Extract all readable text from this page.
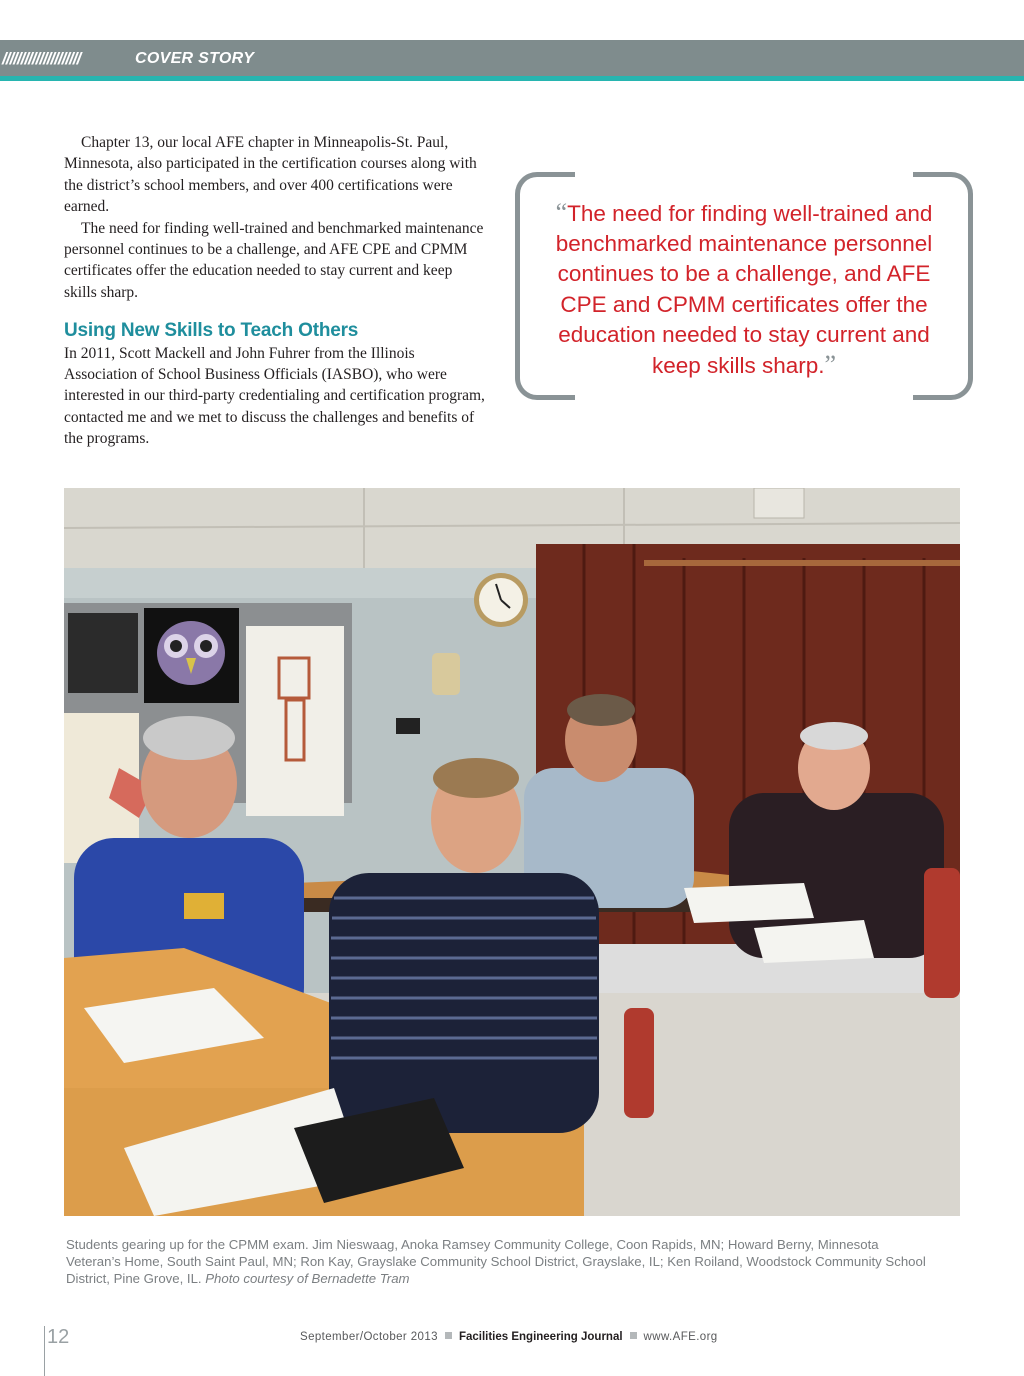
/////////////////////	COVER STORY

Chapter 13, our local AFE chapter in Minneapolis-St. Paul, Minnesota, also participated in the certification courses along with the district’s school members, and over 400 certifications were earned.

The need for finding well-trained and benchmarked maintenance personnel continues to be a challenge, and AFE CPE and CPMM certificates offer the education needed to stay current and keep skills sharp.

Using New Skills to Teach Others

In 2011, Scott Mackell and John Fuhrer from the Illinois Association of School Business Officials (IASBO), who were interested in our third-party credentialing and certification program, contacted me and we met to discuss the challenges and benefits of the programs.

“The need for finding well-trained and benchmarked maintenance personnel continues to be a challenge, and AFE CPE and CPMM certificates offer the education needed to stay current and keep skills sharp.”
Students gearing up for the CPMM exam. Jim Nieswaag, Anoka Ramsey Community College, Coon Rapids, MN; Howard Berny, Minnesota Veteran’s Home, South Saint Paul, MN; Ron Kay, Grayslake Community School District, Grayslake, IL; Ken Roiland, Woodstock Community School District, Pine Grove, IL. Photo courtesy of Bernadette Tram
12	September/October 2013 Facilities Engineering Journal www.AFE.org
